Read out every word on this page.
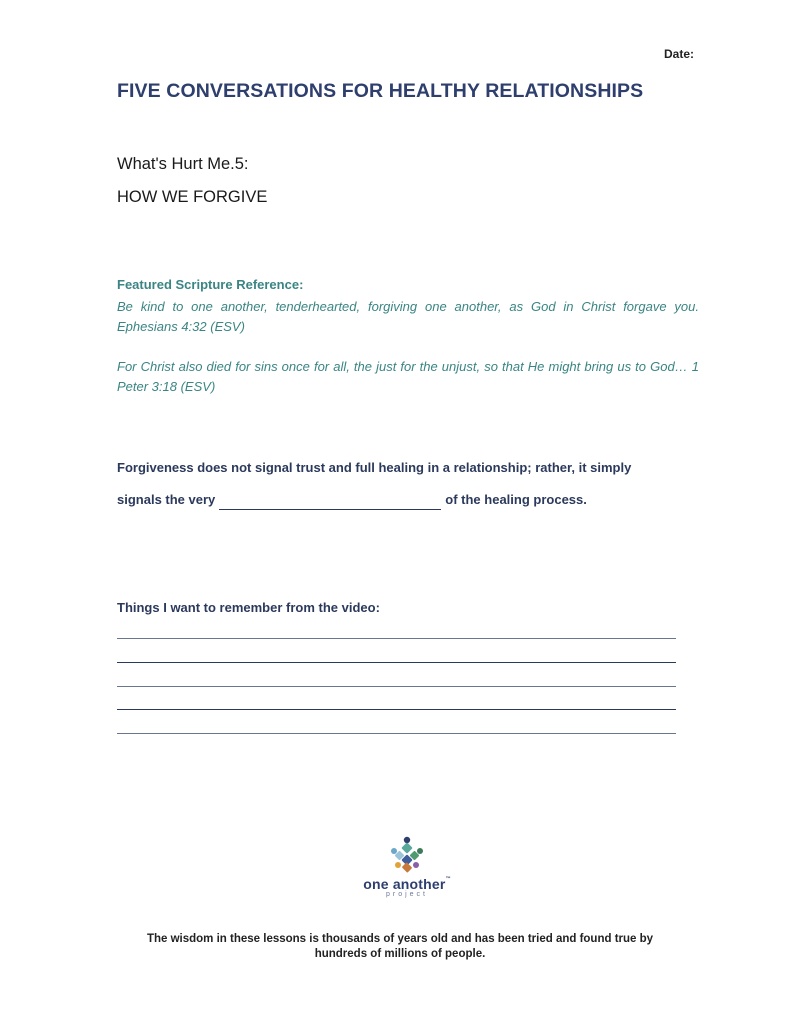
Date:
FIVE CONVERSATIONS FOR HEALTHY RELATIONSHIPS
What's Hurt Me.5:
HOW WE FORGIVE
Featured Scripture Reference:
Be kind to one another, tenderhearted, forgiving one another, as God in Christ forgave you. Ephesians 4:32 (ESV)
For Christ also died for sins once for all, the just for the unjust, so that He might bring us to God… 1 Peter 3:18 (ESV)
Forgiveness does not signal trust and full healing in a relationship; rather, it simply
signals the very	of the healing process.
Things I want to remember from the video:
one another™
project
The wisdom in these lessons is thousands of years old and has been tried and found true by
hundreds of millions of people.
